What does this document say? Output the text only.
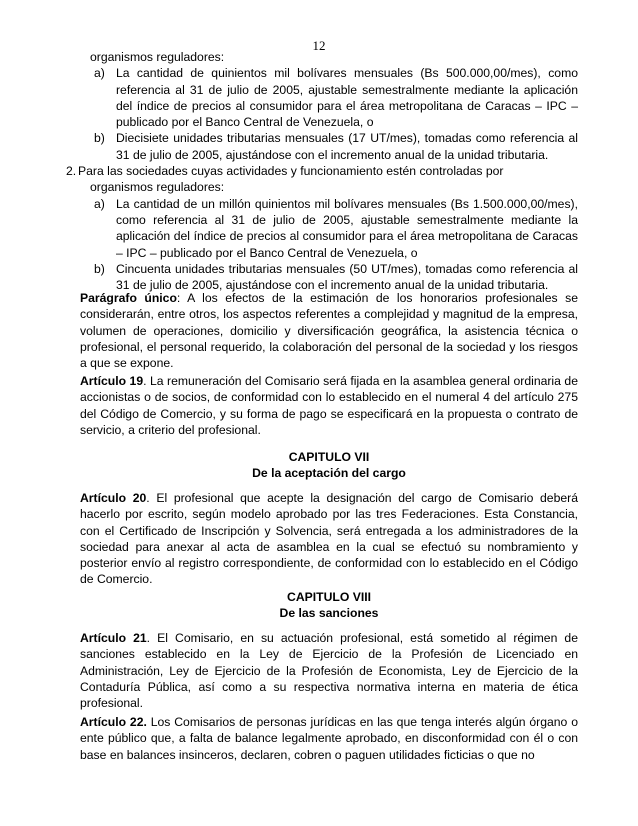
12

organismos reguladores:

a) La cantidad de quinientos mil bolívares mensuales (Bs 500.000,00/mes), como referencia al 31 de julio de 2005, ajustable semestralmente mediante la aplicación del índice de precios al consumidor para el área metropolitana de Caracas – IPC – publicado por el Banco Central de Venezuela, o

b) Diecisiete unidades tributarias mensuales (17 UT/mes), tomadas como referencia al 31 de julio de 2005, ajustándose con el incremento anual de la unidad tributaria.

2. Para las sociedades cuyas actividades y funcionamiento estén controladas por

organismos reguladores:

a) La cantidad de un millón quinientos mil bolívares mensuales (Bs 1.500.000,00/mes), como referencia al 31 de julio de 2005, ajustable semestralmente mediante la aplicación del índice de precios al consumidor para el área metropolitana de Caracas – IPC – publicado por el Banco Central de Venezuela, o

b) Cincuenta unidades tributarias mensuales (50 UT/mes), tomadas como referencia al 31 de julio de 2005, ajustándose con el incremento anual de la unidad tributaria.

Parágrafo único: A los efectos de la estimación de los honorarios profesionales se considerarán, entre otros, los aspectos referentes a complejidad y magnitud de la empresa, volumen de operaciones, domicilio y diversificación geográfica, la asistencia técnica o profesional, el personal requerido, la colaboración del personal de la sociedad y los riesgos a que se expone.

Artículo 19. La remuneración del Comisario será fijada en la asamblea general ordinaria de accionistas o de socios, de conformidad con lo establecido en el numeral 4 del artículo 275 del Código de Comercio, y su forma de pago se especificará en la propuesta o contrato de servicio, a criterio del profesional.

CAPITULO VII
De la aceptación del cargo

Artículo 20. El profesional que acepte la designación del cargo de Comisario deberá hacerlo por escrito, según modelo aprobado por las tres Federaciones. Esta Constancia, con el Certificado de Inscripción y Solvencia, será entregada a los administradores de la sociedad para anexar al acta de asamblea en la cual se efectuó su nombramiento y posterior envío al registro correspondiente, de conformidad con lo establecido en el Código de Comercio.

CAPITULO VIII
De las sanciones

Artículo 21. El Comisario, en su actuación profesional, está sometido al régimen de sanciones establecido en la Ley de Ejercicio de la Profesión de Licenciado en Administración, Ley de Ejercicio de la Profesión de Economista, Ley de Ejercicio de la Contaduría Pública, así como a su respectiva normativa interna en materia de ética profesional.

Artículo 22. Los Comisarios de personas jurídicas en las que tenga interés algún órgano o ente público que, a falta de balance legalmente aprobado, en disconformidad con él o con base en balances insinceros, declaren, cobren o paguen utilidades ficticias o que no
